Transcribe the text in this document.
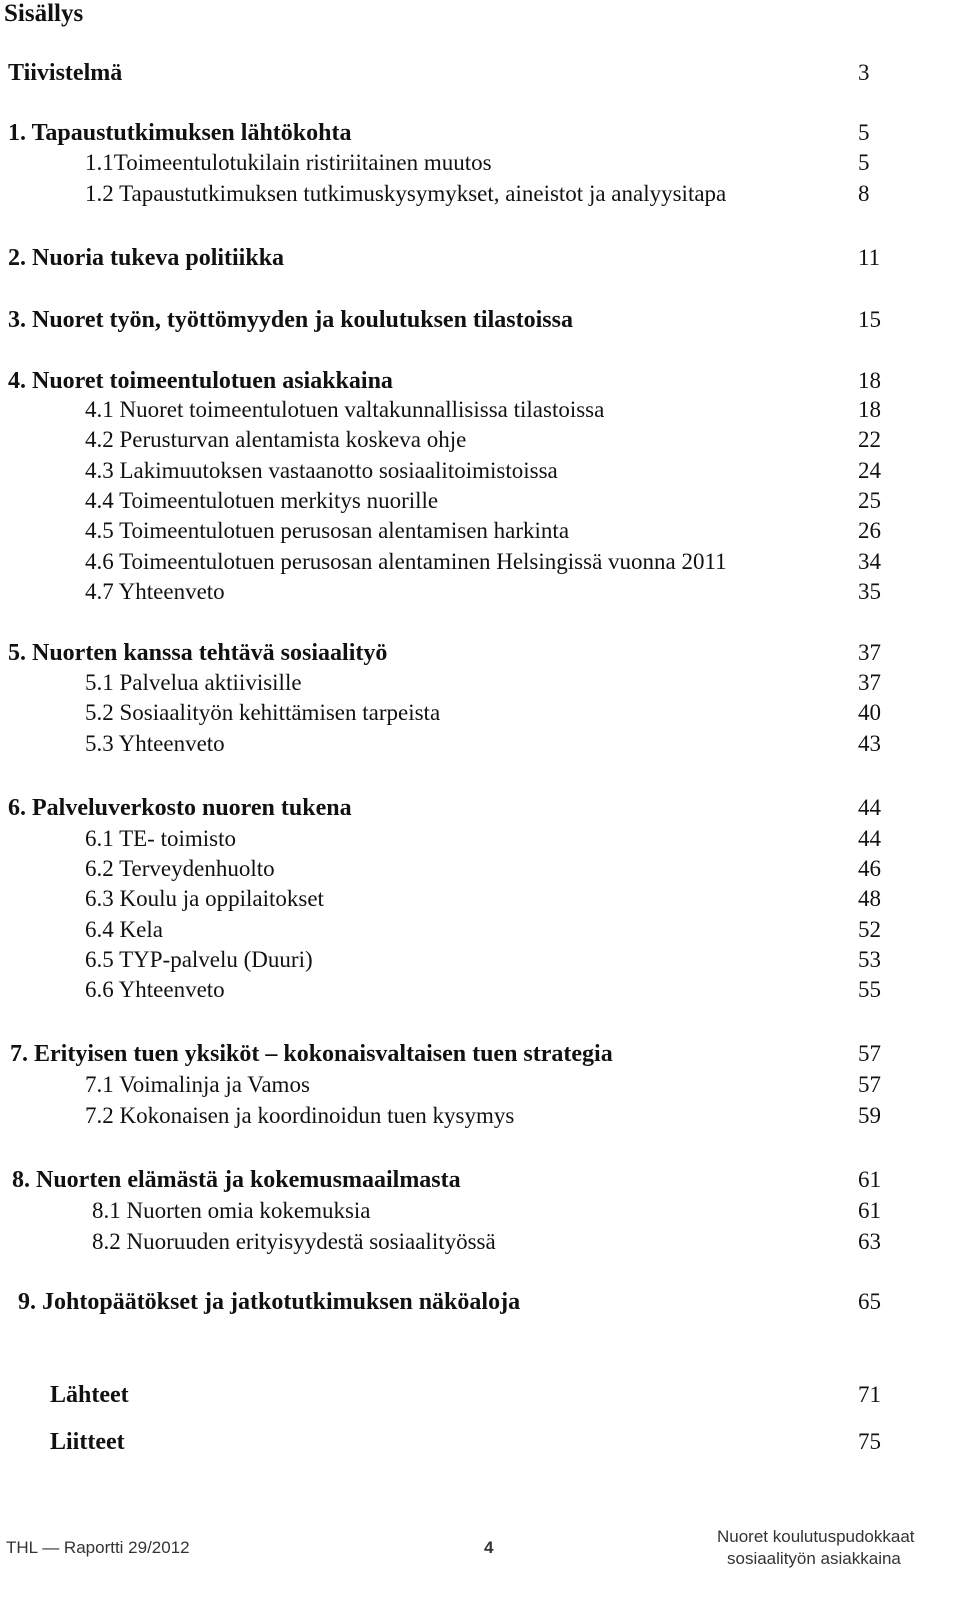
Sisällys
Tiivistelmä	3
1. Tapaustutkimuksen lähtökohta	5
1.1Toimeentulotukilain ristiriitainen muutos	5
1.2 Tapaustutkimuksen tutkimuskysymykset, aineistot ja analyysitapa	8
2. Nuoria tukeva politiikka	11
3. Nuoret työn, työttömyyden ja koulutuksen tilastoissa	15
4. Nuoret toimeentulotuen asiakkaina	18
4.1 Nuoret toimeentulotuen valtakunnallisissa tilastoissa	18
4.2 Perusturvan alentamista koskeva ohje	22
4.3 Lakimuutoksen vastaanotto sosiaalitoimistoissa	24
4.4 Toimeentulotuen merkitys nuorille	25
4.5 Toimeentulotuen perusosan alentamisen harkinta	26
4.6 Toimeentulotuen perusosan alentaminen Helsingissä vuonna 2011	34
4.7 Yhteenveto	35
5. Nuorten kanssa tehtävä sosiaalityö	37
5.1 Palvelua aktiivisille	37
5.2 Sosiaalityön kehittämisen tarpeista	40
5.3 Yhteenveto	43
6. Palveluverkosto nuoren tukena	44
6.1 TE- toimisto	44
6.2 Terveydenhuolto	46
6.3 Koulu ja oppilaitokset	48
6.4 Kela	52
6.5 TYP-palvelu (Duuri)	53
6.6 Yhteenveto	55
7. Erityisen tuen yksiköt – kokonaisvaltaisen tuen strategia	57
7.1 Voimalinja ja Vamos	57
7.2 Kokonaisen ja koordinoidun tuen kysymys	59
8. Nuorten elämästä ja kokemusmaailmasta	61
8.1 Nuorten omia kokemuksia	61
8.2 Nuoruuden erityisyydestä sosiaalityössä	63
9. Johtopäätökset ja jatkotutkimuksen näköaloja	65
Lähteet	71
Liitteet	75
THL — Raportti 29/2012	4
Nuoret koulutuspudokkaat
sosiaalityön asiakkaina
